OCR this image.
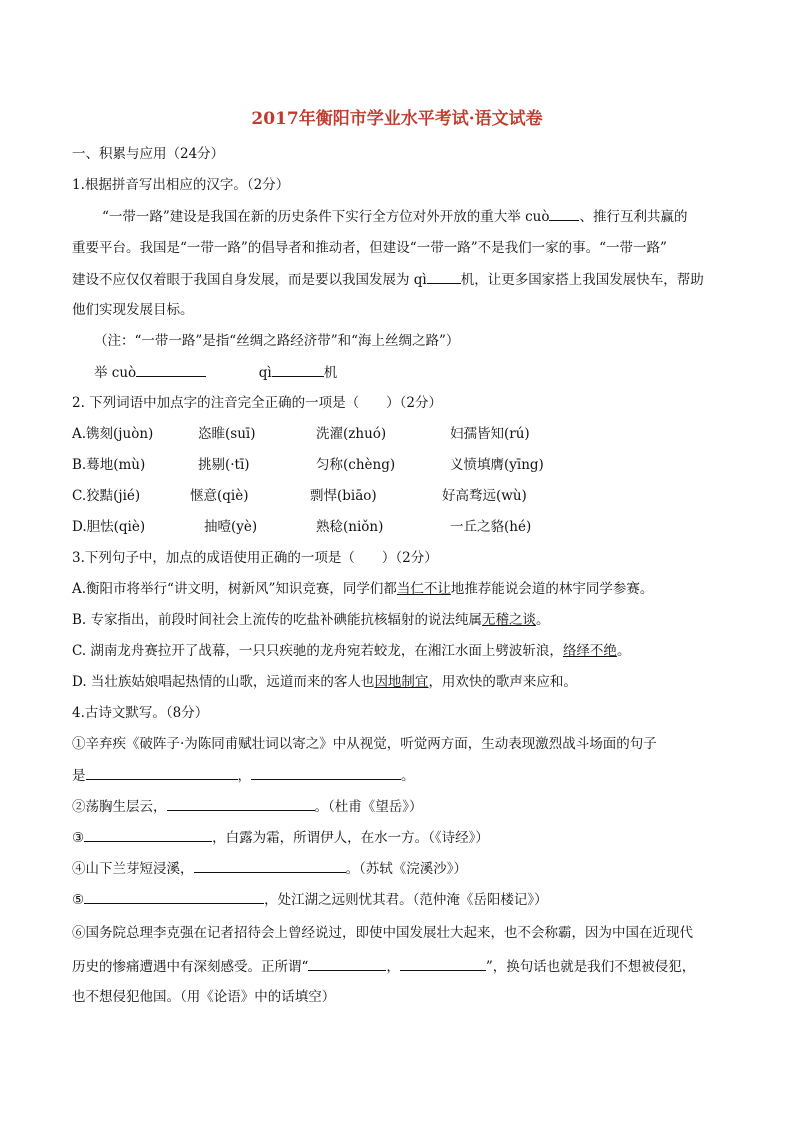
2017年衡阳市学业水平考试·语文试卷
一、积累与应用（24分）
1.根据拼音写出相应的汉字。（2分）
“一带一路”建设是我国在新的历史条件下实行全方位对外开放的重大举 cuò 、推行互利共赢的
重要平台。我国是“一带一路”的倡导者和推动者，但建设“一带一路”不是我们一家的事。“一带一路”
建设不应仅仅着眼于我国自身发展，而是要以我国发展为 qì	机，让更多国家搭上我国发展快车，帮助
他们实现发展目标。
（注：“一带一路”是指“丝绸之路经济带”和“海上丝绸之路”）
举 cuò	qì	机
2. 下列词语中加点字的注音完全正确的一项是（　　）（2分）
A.镌刻(juòn)	恣睢(suī)	洗濯(zhuó)	妇孺皆知(rú)
B.蓦地(mù)	挑剔(·tī)	匀称(chèng)	义愤填膺(yīng)
C.狡黠(jié)	惬意(qiè)	剽悍(biāo)	好高骛远(wù)
D.胆怯(qiè)	抽噎(yè)	熟稔(niǒn)	一丘之貉(hé)
3.下列句子中，加点的成语使用正确的一项是（　　）（2分）
A.衡阳市将举行“讲文明，树新风”知识竞赛，同学们都当仁不让地推荐能说会道的林宇同学参赛。
B. 专家指出，前段时间社会上流传的吃盐补碘能抗核辐射的说法纯属无稽之谈。
C. 湖南龙舟赛拉开了战幕，一只只疾驰的龙舟宛若蛟龙，在湘江水面上劈波斩浪，络绎不绝。
D. 当壮族姑娘唱起热情的山歌，远道而来的客人也因地制宜，用欢快的歌声来应和。
4.古诗文默写。（8分）
①辛弃疾《破阵子·为陈同甫赋壮词以寄之》中从视觉，听觉两方面，生动表现激烈战斗场面的句子
是	，	。
②荡胸生层云，	。（杜甫《望岳》）
③	，白露为霜，所谓伊人，在水一方。（《诗经》）
④山下兰芽短浸溪，	。（苏轼《浣溪沙》）
⑤	，处江湖之远则忧其君。（范仲淹《岳阳楼记》）
⑥国务院总理李克强在记者招待会上曾经说过，即使中国发展壮大起来，也不会称霸，因为中国在近现代
历史的惨痛遭遇中有深刻感受。正所谓“	，	”，换句话也就是我们不想被侵犯，
也不想侵犯他国。（用《论语》中的话填空）
